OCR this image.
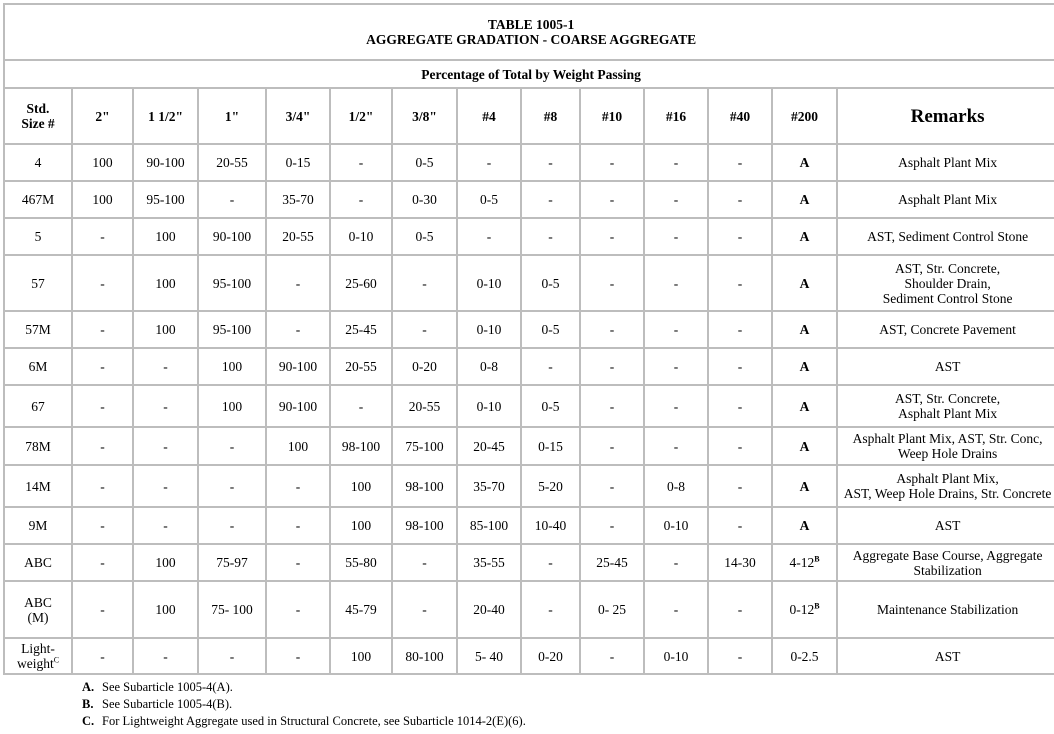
TABLE 1005-1
AGGREGATE GRADATION - COARSE AGGREGATE													

Percentage of Total by Weight Passing													
Std.
Size #	2"	1 1/2"	1"	3/4"	1/2"	3/8"	#4	#8	#10	#16	#40	#200	Remarks
4	100	90-100	20-55	0-15	-	0-5	-	-	-	-	-	A	Asphalt Plant Mix
467M	100	95-100	-	35-70	-	0-30	0-5	-	-	-	-	A	Asphalt Plant Mix
5	-	100	90-100	20-55	0-10	0-5	-	-	-	-	-	A	AST, Sediment Control Stone
57	-	100	95-100	-	25-60	-	0-10	0-5	-	-	-	A	AST, Str. Concrete,
Shoulder Drain,
Sediment Control Stone
57M	-	100	95-100	-	25-45	-	0-10	0-5	-	-	-	A	AST, Concrete Pavement
6M	-	-	100	90-100	20-55	0-20	0-8	-	-	-	-	A	AST
67	-	-	100	90-100	-	20-55	0-10	0-5	-	-	-	A	AST, Str. Concrete,
Asphalt Plant Mix
78M	-	-	-	100	98-100	75-100	20-45	0-15	-	-	-	A	Asphalt Plant Mix, AST, Str. Conc,
Weep Hole Drains
14M	-	-	-	-	100	98-100	35-70	5-20	-	0-8	-	A	Asphalt Plant Mix,
AST, Weep Hole Drains, Str. Concrete
9M	-	-	-	-	100	98-100	85-100	10-40	-	0-10	-	A	AST
ABC	-	100	75-97	-	55-80	-	35-55	-	25-45	-	14-30	$4-12^B$	Aggregate Base Course, Aggregate
Stabilization
ABC
(M)	-	100	75- 100	-	45-79	-	20-40	-	0- 25	-	-	$0-12^B$	Maintenance Stabilization
Light-
weight$^C$	-	-	-	-	100	80-100	5- 40	0-20	-	0-10	-	0-2.5	AST
A. See Subarticle 1005-4(A).
B. See Subarticle 1005-4(B).
C. For Lightweight Aggregate used in Structural Concrete, see Subarticle 1014-2(E)(6).
